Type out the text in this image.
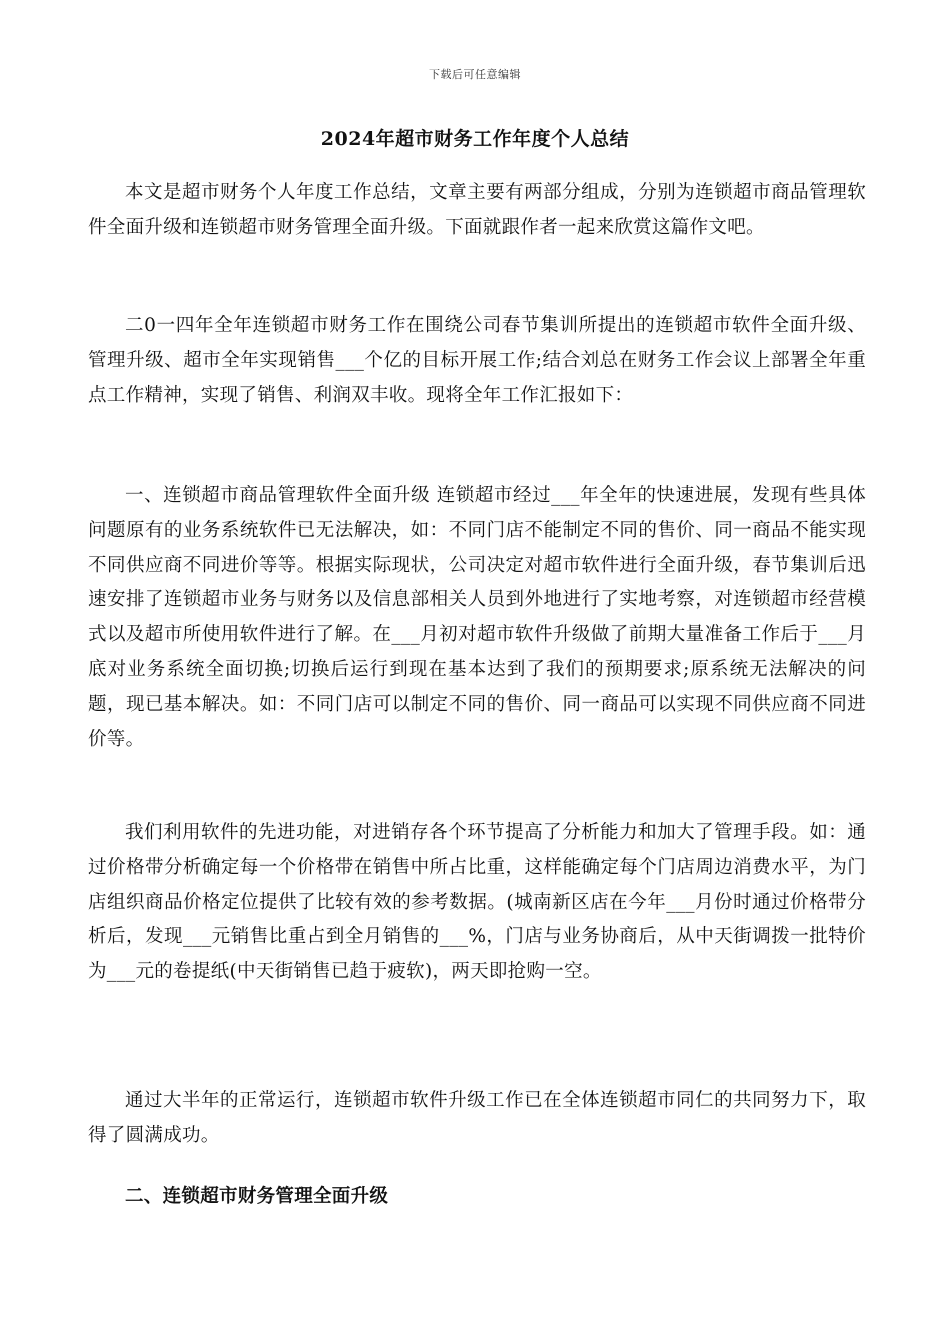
下载后可任意编辑
2024年超市财务工作年度个人总结

本文是超市财务个人年度工作总结，文章主要有两部分组成，分别为连锁超市商品管理软件全面升级和连锁超市财务管理全面升级。下面就跟作者一起来欣赏这篇作文吧。

二0一四年全年连锁超市财务工作在围绕公司春节集训所提出的连锁超市软件全面升级、管理升级、超市全年实现销售___个亿的目标开展工作;结合刘总在财务工作会议上部署全年重点工作精神，实现了销售、利润双丰收。现将全年工作汇报如下：

一、连锁超市商品管理软件全面升级 连锁超市经过___年全年的快速进展，发现有些具体问题原有的业务系统软件已无法解决，如：不同门店不能制定不同的售价、同一商品不能实现不同供应商不同进价等等。根据实际现状，公司决定对超市软件进行全面升级，春节集训后迅速安排了连锁超市业务与财务以及信息部相关人员到外地进行了实地考察，对连锁超市经营模式以及超市所使用软件进行了解。在___月初对超市软件升级做了前期大量准备工作后于___月底对业务系统全面切换;切换后运行到现在基本达到了我们的预期要求;原系统无法解决的问题，现已基本解决。如：不同门店可以制定不同的售价、同一商品可以实现不同供应商不同进价等。

我们利用软件的先进功能，对进销存各个环节提高了分析能力和加大了管理手段。如：通过价格带分析确定每一个价格带在销售中所占比重，这样能确定每个门店周边消费水平，为门店组织商品价格定位提供了比较有效的参考数据。(城南新区店在今年___月份时通过价格带分析后，发现___元销售比重占到全月销售的___%，门店与业务协商后，从中天街调拨一批特价为___元的卷提纸(中天街销售已趋于疲软)，两天即抢购一空。

通过大半年的正常运行，连锁超市软件升级工作已在全体连锁超市同仁的共同努力下，取得了圆满成功。

二、连锁超市财务管理全面升级
